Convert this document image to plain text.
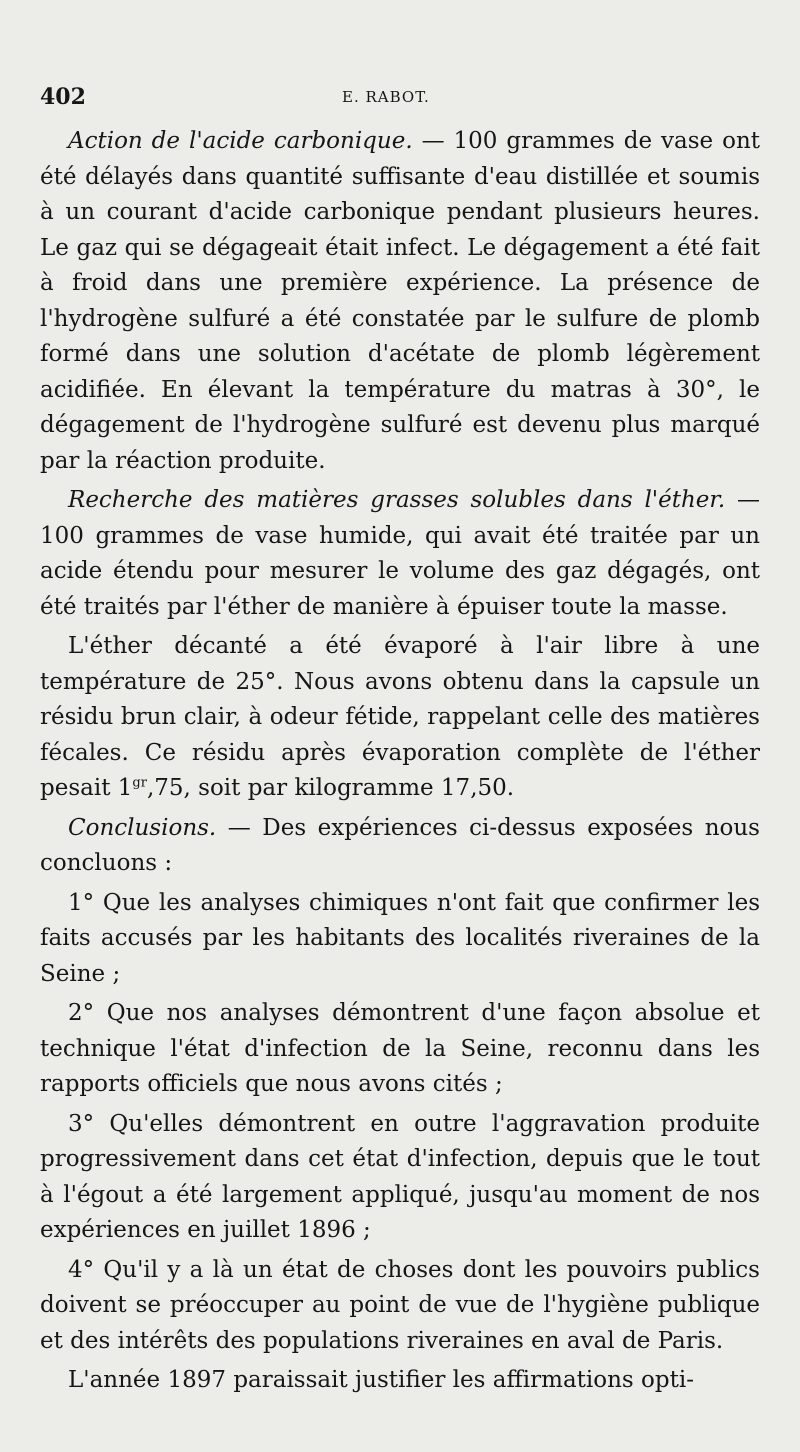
402	E. RABOT.

Action de l'acide carbonique. — 100 grammes de vase ont été délayés dans quantité suffisante d'eau distillée et soumis à un courant d'acide carbonique pendant plusieurs heures. Le gaz qui se dégageait était infect. Le dégagement a été fait à froid dans une première expérience. La présence de l'hydrogène sulfuré a été constatée par le sulfure de plomb formé dans une solution d'acétate de plomb légèrement acidifiée. En élevant la température du matras à 30°, le dégagement de l'hydrogène sulfuré est devenu plus marqué par la réaction produite.

Recherche des matières grasses solubles dans l'éther. — 100 grammes de vase humide, qui avait été traitée par un acide étendu pour mesurer le volume des gaz dégagés, ont été traités par l'éther de manière à épuiser toute la masse.

L'éther décanté a été évaporé à l'air libre à une température de 25°. Nous avons obtenu dans la capsule un résidu brun clair, à odeur fétide, rappelant celle des matières fécales. Ce résidu après évaporation complète de l'éther pesait $1^{gr},75$, soit par kilogramme 17,50.

Conclusions. — Des expériences ci-dessus exposées nous concluons :

1° Que les analyses chimiques n'ont fait que confirmer les faits accusés par les habitants des localités riveraines de la Seine ;

2° Que nos analyses démontrent d'une façon absolue et technique l'état d'infection de la Seine, reconnu dans les rapports officiels que nous avons cités ;

3° Qu'elles démontrent en outre l'aggravation produite progressivement dans cet état d'infection, depuis que le tout à l'égout a été largement appliqué, jusqu'au moment de nos expériences en juillet 1896 ;

4° Qu'il y a là un état de choses dont les pouvoirs publics doivent se préoccuper au point de vue de l'hygiène publique et des intérêts des populations riveraines en aval de Paris.

L'année 1897 paraissait justifier les affirmations opti-
